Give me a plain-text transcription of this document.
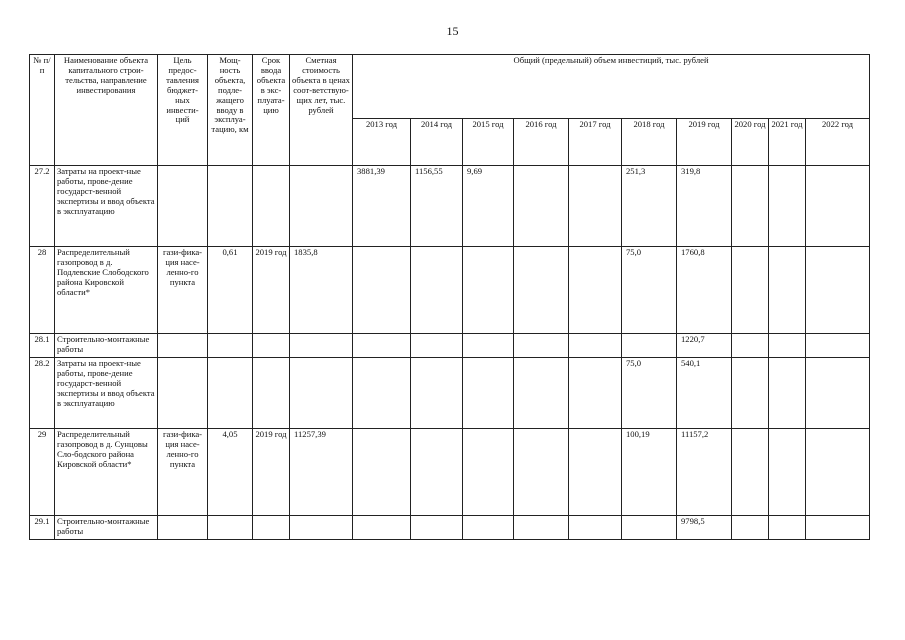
15
№ п/п	Наименование объекта капитального строи-тельства, направление инвестирования	Цель предос-тавления бюджет-ных инвести-ций	Мощ-ность объекта, подле-жащего вводу в эксплуа-тацию, км	Срок ввода объекта в экс-плуата-цию	Сметная стоимость объекта в ценах соот-ветствую-щих лет, тыс. рублей	Общий (предельный) объем инвестиций, тыс. рублей									
						2013 год	2014 год	2015 год	2016 год	2017 год	2018 год	2019 год	2020 год	2021 год	2022 год
27.2	Затраты на проект-ные работы, прове-дение государст-венной экспертизы и ввод объекта в эксплуатацию					3881,39	1156,55	9,69			251,3	319,8			
28	Распределительный газопровод в д. Подлевские Слободского района Кировской области*	гази-фика-ция насе-ленно-го пункта	0,61	2019 год	1835,8						75,0	1760,8			
28.1	Строительно-монтажные работы											1220,7			
28.2	Затраты на проект-ные работы, прове-дение государст-венной экспертизы и ввод объекта в эксплуатацию										75,0	540,1			
29	Распределительный газопровод в д. Сунцовы Сло-бодского района Кировской области*	гази-фика-ция насе-ленно-го пункта	4,05	2019 год	11257,39						100,19	11157,2			
29.1	Строительно-монтажные работы											9798,5			
